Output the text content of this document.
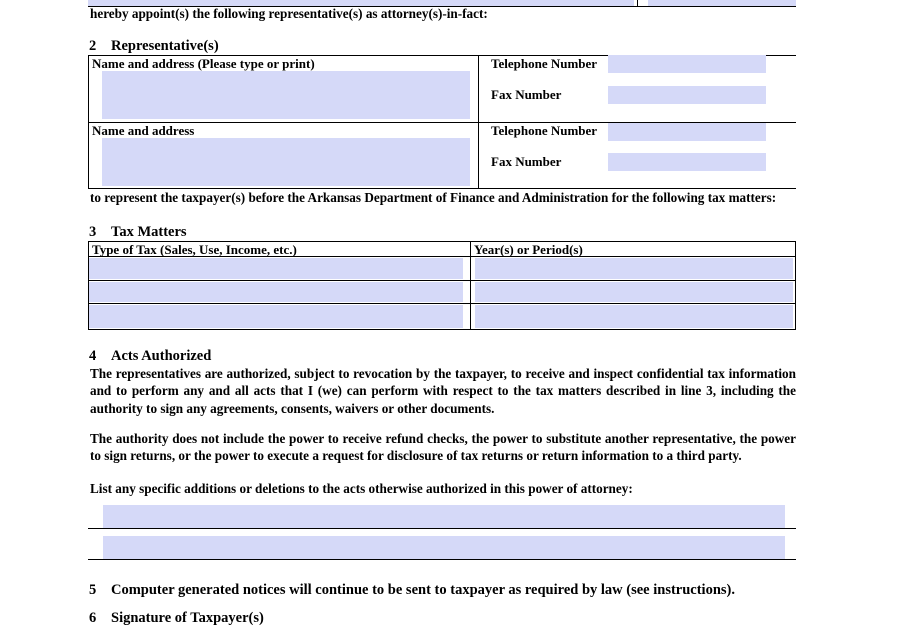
hereby appoint(s) the following representative(s) as attorney(s)-in-fact:
2 Representative(s)
Name and address (Please type or print)	Telephone Number
Fax Number
Name and address	Telephone Number
Fax Number
to represent the taxpayer(s) before the Arkansas Department of Finance and Administration for the following tax matters:
3 Tax Matters
Type of Tax (Sales, Use, Income, etc.)	Year(s) or Period(s)
4 Acts Authorized
The representatives are authorized, subject to revocation by the taxpayer, to receive and inspect confidential tax information and to perform any and all acts that I (we) can perform with respect to the tax matters described in line 3, including the authority to sign any agreements, consents, waivers or other documents.
The authority does not include the power to receive refund checks, the power to substitute another representative, the power to sign returns, or the power to execute a request for disclosure of tax returns or return information to a third party.
List any specific additions or deletions to the acts otherwise authorized in this power of attorney:
5 Computer generated notices will continue to be sent to taxpayer as required by law (see instructions).
6 Signature of Taxpayer(s)
